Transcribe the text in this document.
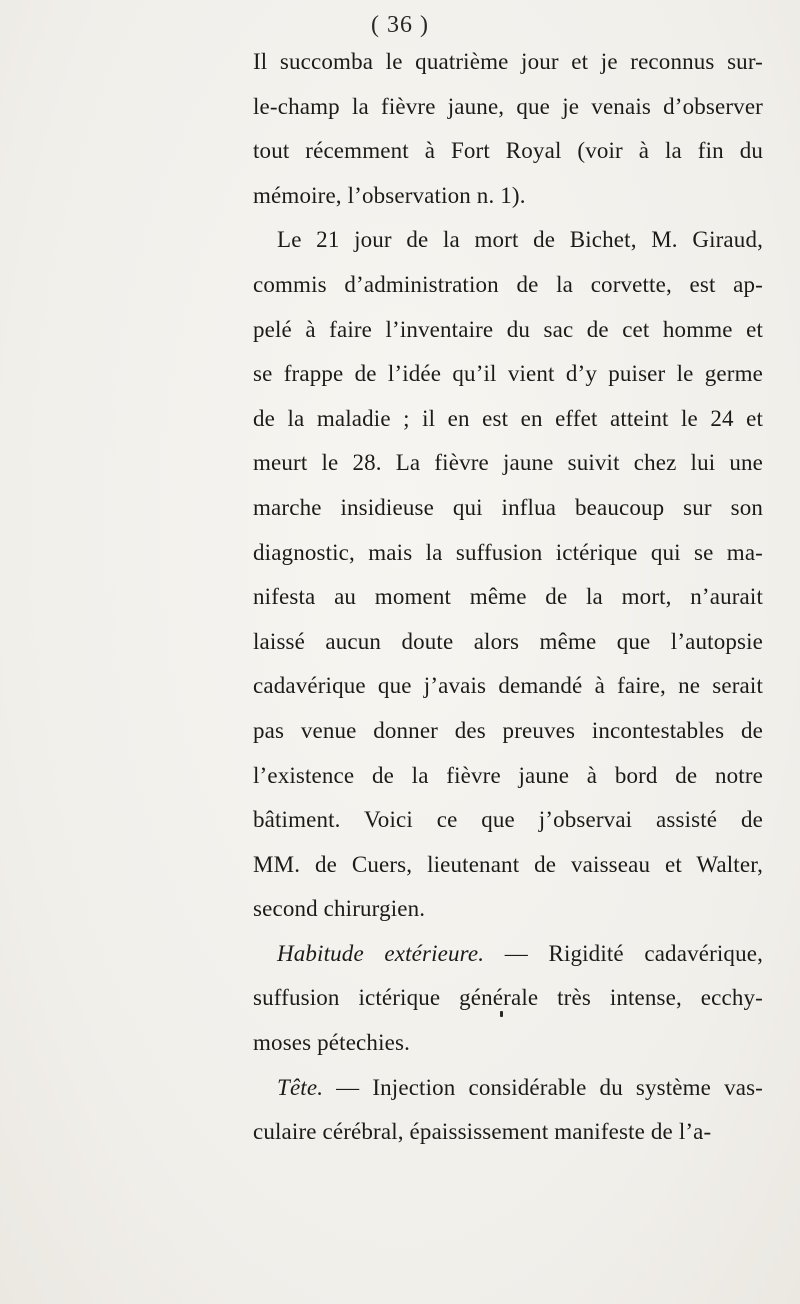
( 36 )
Il succomba le quatrième jour et je reconnus sur-
le-champ la fièvre jaune, que je venais d’observer
tout récemment à Fort Royal (voir à la fin du
mémoire, l’observation n. 1).
Le 21 jour de la mort de Bichet, M. Giraud,
commis d’administration de la corvette, est ap-
pelé à faire l’inventaire du sac de cet homme et
se frappe de l’idée qu’il vient d’y puiser le germe
de la maladie ; il en est en effet atteint le 24 et
meurt le 28. La fièvre jaune suivit chez lui une
marche insidieuse qui influa beaucoup sur son
diagnostic, mais la suffusion ictérique qui se ma-
nifesta au moment même de la mort, n’aurait
laissé aucun doute alors même que l’autopsie
cadavérique que j’avais demandé à faire, ne serait
pas venue donner des preuves incontestables de
l’existence de la fièvre jaune à bord de notre
bâtiment. Voici ce que j’observai assisté de
MM. de Cuers, lieutenant de vaisseau et Walter,
second chirurgien.
Habitude extérieure. — Rigidité cadavérique,
suffusion ictérique générale très intense, ecchy-
moses pétechies.
Tête. — Injection considérable du système vas-
culaire cérébral, épaississement manifeste de l’a-
